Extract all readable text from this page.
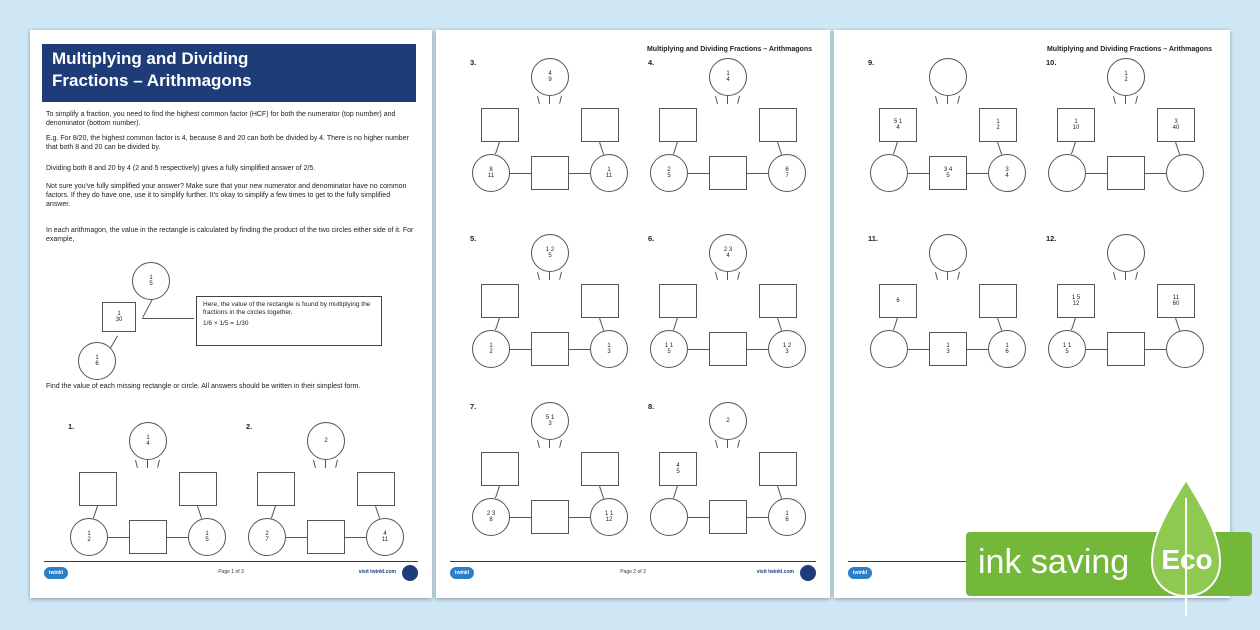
Multiplying and Dividing
Fractions – Arithmagons
To simplify a fraction, you need to find the highest common factor (HCF) for both the numerator (top number) and denominator (bottom number).
E.g. For 8/20, the highest common factor is 4, because 8 and 20 can both be divided by 4. There is no higher number that both 8 and 20 can be divided by.
Dividing both 8 and 20 by 4 (2 and 5 respectively) gives a fully simplified answer of 2/5.
Not sure you've fully simplified your answer? Make sure that your new numerator and denominator have no common factors. If they do have one, use it to simplify further. It's okay to simplify a few times to get to the fully simplified answer.
In each arithmagon, the value in the rectangle is calculated by finding the product of the two circles either side of it. For example,
1
5
1
30
1
6
Here, the value of the rectangle is found by multiplying the fractions in the circles together.
1/6 × 1/5 = 1/30
Find the value of each missing rectangle or circle. All answers should be written in their simplest form.
1.
1
4
1
2
1
5
2.
2
2
7
4
11
twinkl	Page 1 of 3	visit twinkl.com
Multiplying and Dividing Fractions – Arithmagons
3.
4
9
8
11
1
11
4.
1
4
2
5
6
7
5.
1 2
5
1
2
1
3
6.
2 3
4
1 1
5
1 2
3
7.
5 1
3
2 3
8
1 1
12
8.
2
4
5
1
6
twinkl	Page 2 of 3	visit twinkl.com
Multiplying and Dividing Fractions – Arithmagons
9.
5 1
4
1
2
3 4
5
3
4
10.
1
2
1
10
3
40
11.
6
1
3
1
6
12.
1 5
12
11
60
1 1
5
twinkl	ink saving Eco
